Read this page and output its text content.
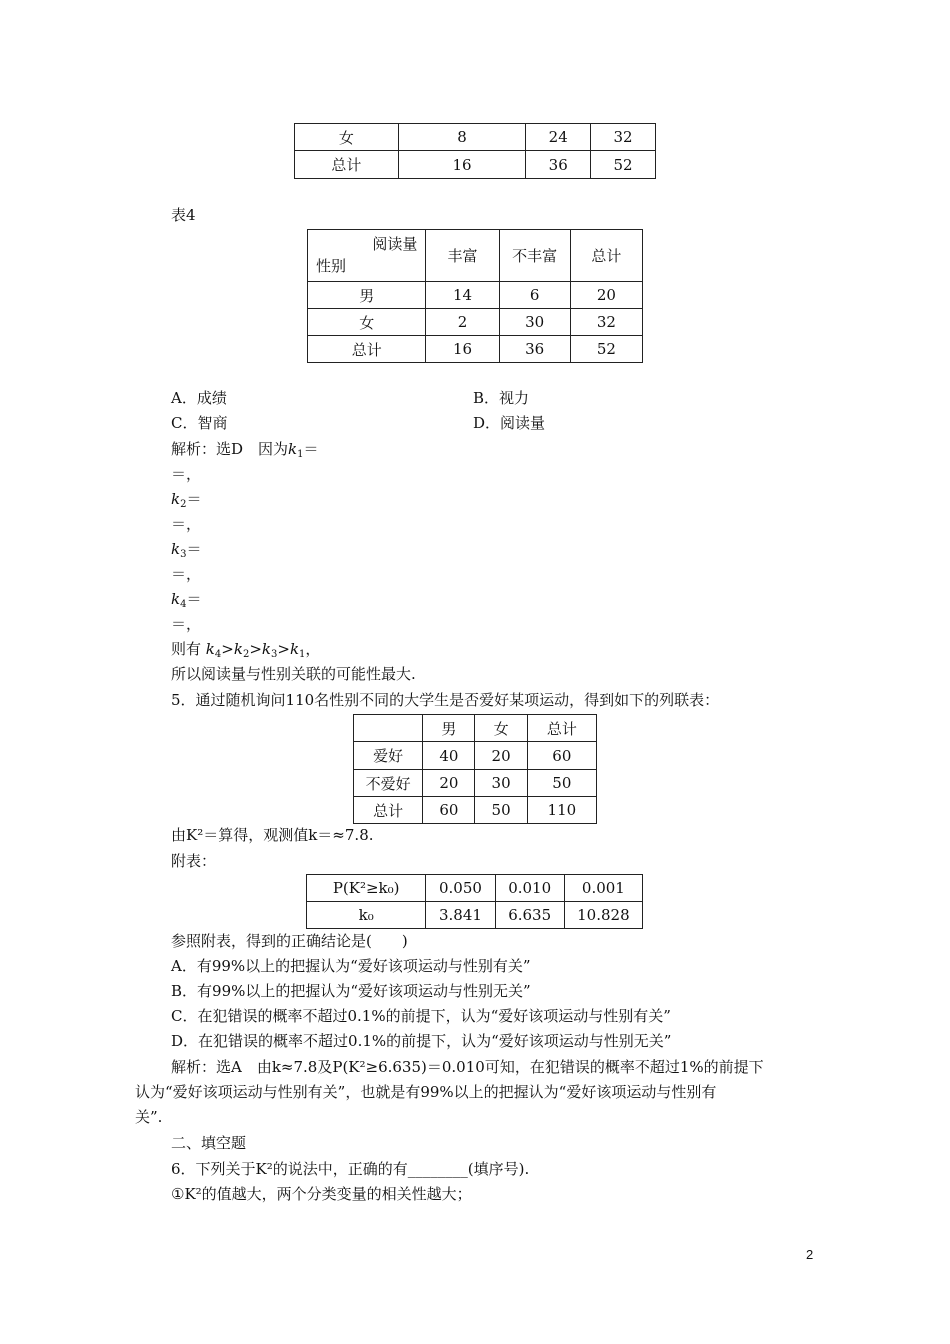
女	8	24	32
总计	16	36	52
表4
阅读量
性别	丰富	不丰富	总计
男	14	6	20
女	2	30	32
总计	16	36	52
A．成绩	B．视力
C．智商	D．阅读量
解析：选D　因为$k_1=$
＝，
$k_2=$
＝，
$k_3=$
＝，
$k_4=$
＝，
则有 $k_4>k_2>k_3>k_1$，
所以阅读量与性别关联的可能性最大.
5．通过随机询问110名性别不同的大学生是否爱好某项运动，得到如下的列联表：
	男	女	总计
爱好	40	20	60
不爱好	20	30	50
总计	60	50	110
由K²＝算得，观测值k＝≈7.8.
附表：
P(K²≥k₀)	0.050	0.010	0.001
k₀	3.841	6.635	10.828
参照附表，得到的正确结论是(　　)
A．有99%以上的把握认为“爱好该项运动与性别有关”
B．有99%以上的把握认为“爱好该项运动与性别无关”
C．在犯错误的概率不超过0.1%的前提下，认为“爱好该项运动与性别有关”
D．在犯错误的概率不超过0.1%的前提下，认为“爱好该项运动与性别无关”
解析：选A　由k≈7.8及P(K²≥6.635)＝0.010可知，在犯错误的概率不超过1%的前提下
认为“爱好该项运动与性别有关”，也就是有99%以上的把握认为“爱好该项运动与性别有
关”.
二、填空题
6．下列关于K²的说法中，正确的有________(填序号).
①K²的值越大，两个分类变量的相关性越大；
2
